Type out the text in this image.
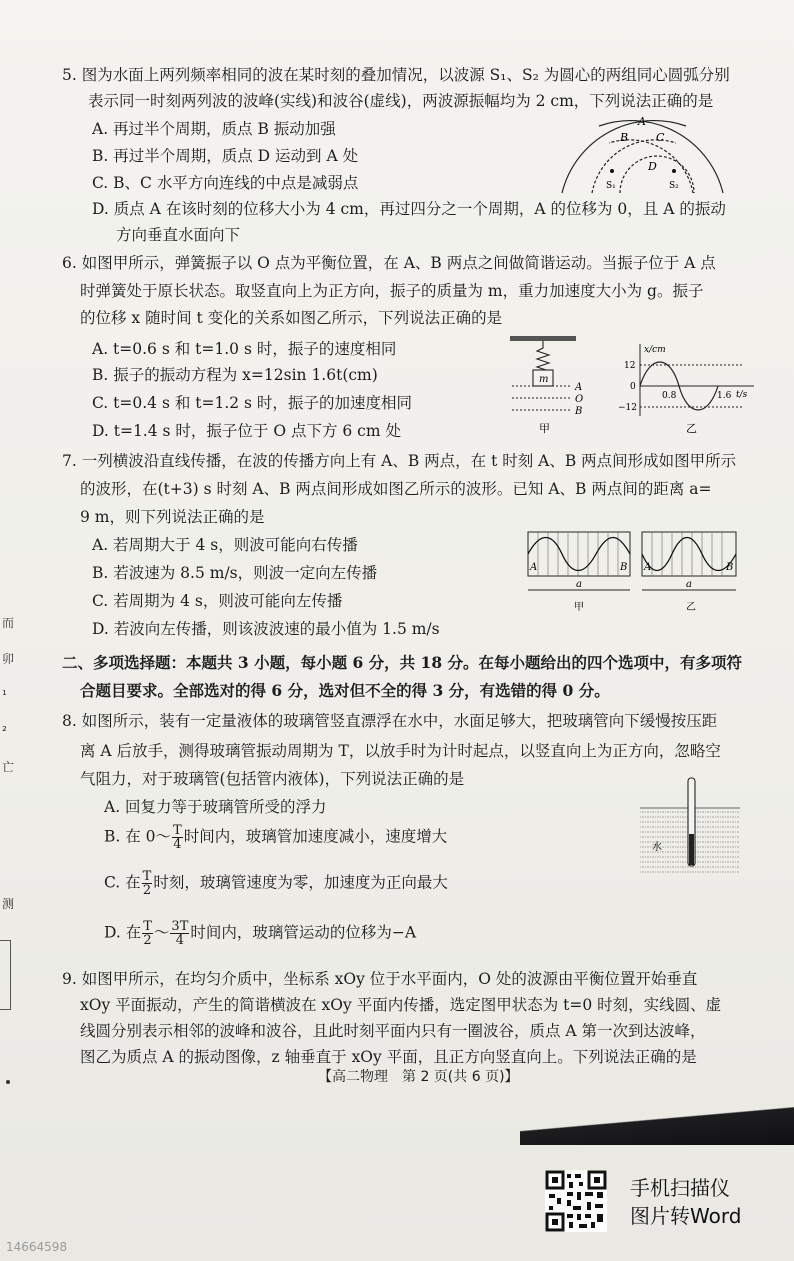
而
卯
₁
₂
亡
测
5. 图为水面上两列频率相同的波在某时刻的叠加情况，以波源 S₁、S₂ 为圆心的两组同心圆弧分别
表示同一时刻两列波的波峰(实线)和波谷(虚线)，两波源振幅均为 2 cm，下列说法正确的是
A. 再过半个周期，质点 B 振动加强
B. 再过半个周期，质点 D 运动到 A 处
C. B、C 水平方向连线的中点是减弱点
D. 质点 A 在该时刻的位移大小为 4 cm，再过四分之一个周期，A 的位移为 0，且 A 的振动
方向垂直水面向下
A
B	C
D
S₁	S₂
6. 如图甲所示，弹簧振子以 O 点为平衡位置，在 A、B 两点之间做简谐运动。当振子位于 A 点
时弹簧处于原长状态。取竖直向上为正方向，振子的质量为 m，重力加速度大小为 g。振子
的位移 x 随时间 t 变化的关系如图乙所示，下列说法正确的是
A. t=0.6 s 和 t=1.0 s 时，振子的速度相同
B. 振子的振动方程为 x=12sin 1.6t(cm)
C. t=0.4 s 和 t=1.2 s 时，振子的加速度相同
D. t=1.4 s 时，振子位于 O 点下方 6 cm 处
m
A
O
B
甲
x/cm
12
0
−12
0.8	1.6 t/s
乙
7. 一列横波沿直线传播，在波的传播方向上有 A、B 两点，在 t 时刻 A、B 两点间形成如图甲所示
的波形，在(t+3) s 时刻 A、B 两点间形成如图乙所示的波形。已知 A、B 两点间的距离 a=
9 m，则下列说法正确的是
A. 若周期大于 4 s，则波可能向右传播
B. 若波速为 8.5 m/s，则波一定向左传播
C. 若周期为 4 s，则波可能向左传播
D. 若波向左传播，则该波波速的最小值为 1.5 m/s
A	B
a
甲
A	B
a
乙
二、多项选择题：本题共 3 小题，每小题 6 分，共 18 分。在每小题给出的四个选项中，有多项符
合题目要求。全部选对的得 6 分，选对但不全的得 3 分，有选错的得 0 分。
8. 如图所示，装有一定量液体的玻璃管竖直漂浮在水中，水面足够大，把玻璃管向下缓慢按压距
离 A 后放手，测得玻璃管振动周期为 T，以放手时为计时起点，以竖直向上为正方向，忽略空
气阻力，对于玻璃管(包括管内液体)，下列说法正确的是
A. 回复力等于玻璃管所受的浮力
B. 在 0～ $\frac{T}{4}$ 时间内，玻璃管加速度减小，速度增大
C. 在 $\frac{T}{2}$ 时刻，玻璃管速度为零，加速度为正向最大
D. 在 $\frac{T}{2}$ ～ $\frac{3T}{4}$ 时间内，玻璃管运动的位移为−A
水
9. 如图甲所示，在均匀介质中，坐标系 xOy 位于水平面内，O 处的波源由平衡位置开始垂直
xOy 平面振动，产生的简谐横波在 xOy 平面内传播，选定图甲状态为 t=0 时刻，实线圆、虚
线圆分别表示相邻的波峰和波谷，且此时刻平面内只有一圈波谷，质点 A 第一次到达波峰，
图乙为质点 A 的振动图像，z 轴垂直于 xOy 平面，且正方向竖直向上。下列说法正确的是
【高二物理　第 2 页(共 6 页)】
手机扫描仪
图片转Word
14664598
